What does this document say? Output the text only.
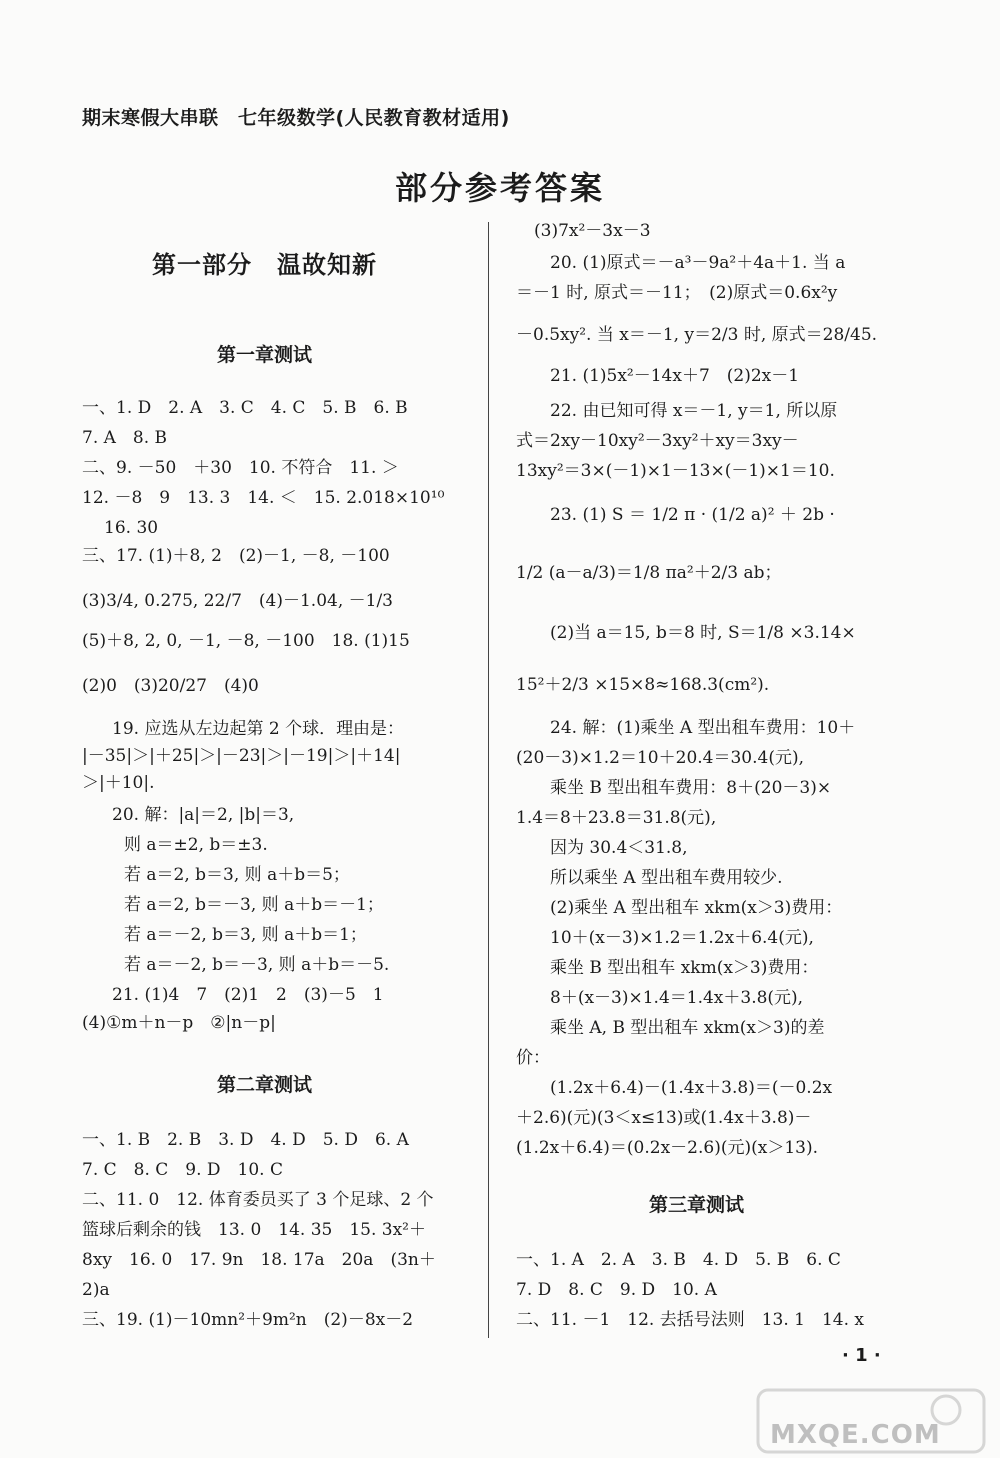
期末寒假大串联　七年级数学(人民教育教材适用)
部分参考答案
第一部分　温故知新
第一章测试
一、1. D　2. A　3. C　4. C　5. B　6. B
7. A　8. B
二、9. －50　＋30　10. 不符合　11. ＞
12. －8　9　13. 3　14. ＜　15. 2.018×10¹⁰
16. 30
三、17. (1)＋8, 2　(2)－1, －8, －100
(3)3/4, 0.275, 22/7　(4)－1.04, －1/3
(5)＋8, 2, 0, －1, －8, －100　18. (1)15
(2)0　(3)20/27　(4)0
19. 应选从左边起第 2 个球．理由是：
|－35|＞|＋25|＞|－23|＞|－19|＞|＋14|
＞|＋10|.
20. 解：|a|＝2, |b|＝3,
则 a＝±2, b＝±3.
若 a＝2, b＝3, 则 a＋b＝5；
若 a＝2, b＝－3, 则 a＋b＝－1；
若 a＝－2, b＝3, 则 a＋b＝1；
若 a＝－2, b＝－3, 则 a＋b＝－5.
21. (1)4　7　(2)1　2　(3)－5　1
(4)①m＋n－p　②|n－p|
第二章测试
一、1. B　2. B　3. D　4. D　5. D　6. A
7. C　8. C　9. D　10. C
二、11. 0　12. 体育委员买了 3 个足球、2 个
篮球后剩余的钱　13. 0　14. 35　15. 3x²＋
8xy　16. 0　17. 9n　18. 17a　20a　(3n＋
2)a
三、19. (1)－10mn²＋9m²n　(2)－8x－2
(3)7x²－3x－3
20. (1)原式＝－a³－9a²＋4a＋1. 当 a
＝－1 时, 原式＝－11；　(2)原式＝0.6x²y
－0.5xy². 当 x＝－1, y＝2/3 时, 原式＝28/45.
21. (1)5x²－14x＋7　(2)2x－1
22. 由已知可得 x＝－1, y＝1, 所以原
式＝2xy－10xy²－3xy²＋xy＝3xy－
13xy²＝3×(－1)×1－13×(－1)×1＝10.
23. (1) S ＝ 1/2 π · (1/2 a)² ＋ 2b ·
1/2 (a－a/3)＝1/8 πa²＋2/3 ab；
(2)当 a＝15, b＝8 时, S＝1/8 ×3.14×
15²＋2/3 ×15×8≈168.3(cm²).
24. 解：(1)乘坐 A 型出租车费用：10＋
(20－3)×1.2＝10＋20.4＝30.4(元),
乘坐 B 型出租车费用：8＋(20－3)×
1.4＝8＋23.8＝31.8(元),
因为 30.4＜31.8,
所以乘坐 A 型出租车费用较少.
(2)乘坐 A 型出租车 xkm(x＞3)费用：
10＋(x－3)×1.2＝1.2x＋6.4(元),
乘坐 B 型出租车 xkm(x＞3)费用：
8＋(x－3)×1.4＝1.4x＋3.8(元),
乘坐 A, B 型出租车 xkm(x＞3)的差
价：
(1.2x＋6.4)－(1.4x＋3.8)＝(－0.2x
＋2.6)(元)(3＜x≤13)或(1.4x＋3.8)－
(1.2x＋6.4)＝(0.2x－2.6)(元)(x＞13).
第三章测试
一、1. A　2. A　3. B　4. D　5. B　6. C
7. D　8. C　9. D　10. A
二、11. －1　12. 去括号法则　13. 1　14. x
· 1 ·
MXQE.COM
